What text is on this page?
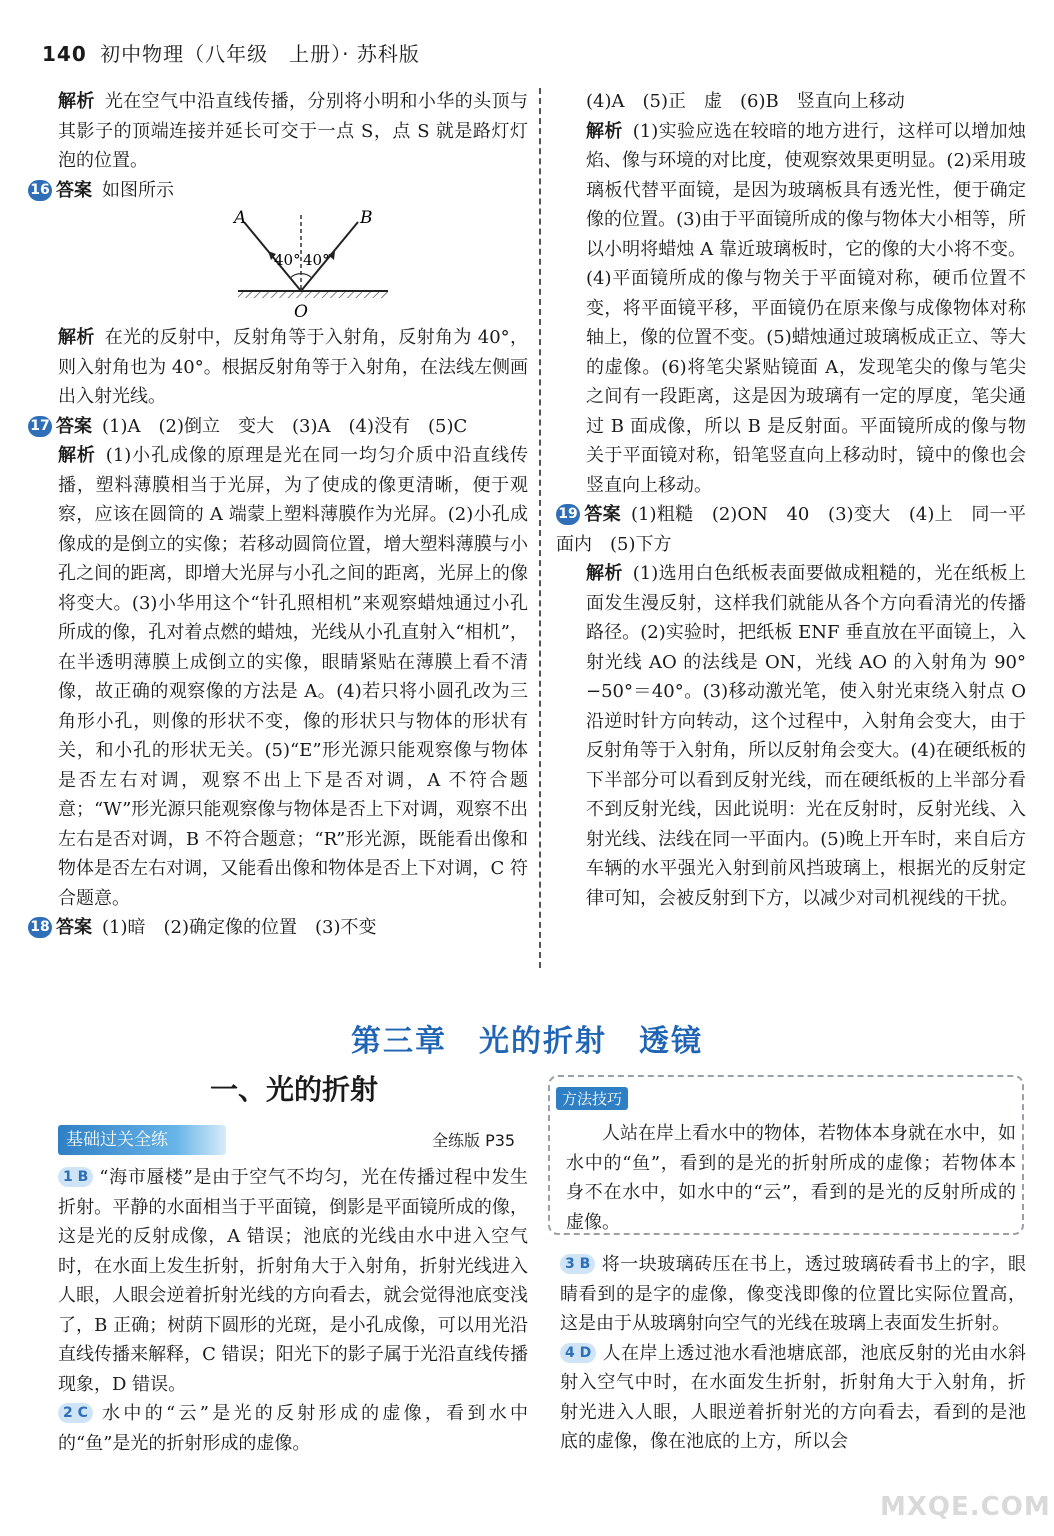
140 初中物理（八年级　上册）· 苏科版

解析 光在空气中沿直线传播，分别将小明和小华的头顶与其影子的顶端连接并延长可交于一点 S，点 S 就是路灯灯泡的位置。

16 答案 如图所示

A	B
O
40° 40°

解析 在光的反射中，反射角等于入射角，反射角为 40°，则入射角也为 40°。根据反射角等于入射角，在法线左侧画出入射光线。

17 答案 (1)A　(2)倒立　变大　(3)A　(4)没有　(5)C

解析 (1)小孔成像的原理是光在同一均匀介质中沿直线传播，塑料薄膜相当于光屏，为了使成的像更清晰，便于观察，应该在圆筒的 A 端蒙上塑料薄膜作为光屏。(2)小孔成像成的是倒立的实像；若移动圆筒位置，增大塑料薄膜与小孔之间的距离，即增大光屏与小孔之间的距离，光屏上的像将变大。(3)小华用这个“针孔照相机”来观察蜡烛通过小孔所成的像，孔对着点燃的蜡烛，光线从小孔直射入“相机”，在半透明薄膜上成倒立的实像，眼睛紧贴在薄膜上看不清像，故正确的观察像的方法是 A。(4)若只将小圆孔改为三角形小孔，则像的形状不变，像的形状只与物体的形状有关，和小孔的形状无关。(5)“E”形光源只能观察像与物体是否左右对调，观察不出上下是否对调，A 不符合题意；“W”形光源只能观察像与物体是否上下对调，观察不出左右是否对调，B 不符合题意；“R”形光源，既能看出像和物体是否左右对调，又能看出像和物体是否上下对调，C 符合题意。

18 答案 (1)暗　(2)确定像的位置　(3)不变

(4)A　(5)正　虚　(6)B　竖直向上移动

解析 (1)实验应选在较暗的地方进行，这样可以增加烛焰、像与环境的对比度，使观察效果更明显。(2)采用玻璃板代替平面镜，是因为玻璃板具有透光性，便于确定像的位置。(3)由于平面镜所成的像与物体大小相等，所以小明将蜡烛 A 靠近玻璃板时，它的像的大小将不变。(4)平面镜所成的像与物关于平面镜对称，硬币位置不变，将平面镜平移，平面镜仍在原来像与成像物体对称轴上，像的位置不变。(5)蜡烛通过玻璃板成正立、等大的虚像。(6)将笔尖紧贴镜面 A，发现笔尖的像与笔尖之间有一段距离，这是因为玻璃有一定的厚度，笔尖通过 B 面成像，所以 B 是反射面。平面镜所成的像与物关于平面镜对称，铅笔竖直向上移动时，镜中的像也会竖直向上移动。

19 答案 (1)粗糙　(2)ON　40　(3)变大　(4)上　同一平面内　(5)下方

解析 (1)选用白色纸板表面要做成粗糙的，光在纸板上面发生漫反射，这样我们就能从各个方向看清光的传播路径。(2)实验时，把纸板 ENF 垂直放在平面镜上，入射光线 AO 的法线是 ON，光线 AO 的入射角为 90°−50°＝40°。(3)移动激光笔，使入射光束绕入射点 O 沿逆时针方向转动，这个过程中，入射角会变大，由于反射角等于入射角，所以反射角会变大。(4)在硬纸板的下半部分可以看到反射光线，而在硬纸板的上半部分看不到反射光线，因此说明：光在反射时，反射光线、入射光线、法线在同一平面内。(5)晚上开车时，来自后方车辆的水平强光入射到前风挡玻璃上，根据光的反射定律可知，会被反射到下方，以减少对司机视线的干扰。

第三章 光的折射 透镜
一、光的折射
基础过关全练	全练版 P35

1 B “海市蜃楼”是由于空气不均匀，光在传播过程中发生折射。平静的水面相当于平面镜，倒影是平面镜所成的像，这是光的反射成像，A 错误；池底的光线由水中进入空气时，在水面上发生折射，折射角大于入射角，折射光线进入人眼，人眼会逆着折射光线的方向看去，就会觉得池底变浅了，B 正确；树荫下圆形的光斑，是小孔成像，可以用光沿直线传播来解释，C 错误；阳光下的影子属于光沿直线传播现象，D 错误。

2 C 水中的“云”是光的反射形成的虚像，看到水中的“鱼”是光的折射形成的虚像。

方法技巧
人站在岸上看水中的物体，若物体本身就在水中，如水中的“鱼”，看到的是光的折射所成的虚像；若物体本身不在水中，如水中的“云”，看到的是光的反射所成的虚像。

3 B 将一块玻璃砖压在书上，透过玻璃砖看书上的字，眼睛看到的是字的虚像，像变浅即像的位置比实际位置高，这是由于从玻璃射向空气的光线在玻璃上表面发生折射。

4 D 人在岸上透过池水看池塘底部，池底反射的光由水斜射入空气中时，在水面发生折射，折射角大于入射角，折射光进入人眼，人眼逆着折射光的方向看去，看到的是池底的虚像，像在池底的上方，所以会

MXQE.COM
